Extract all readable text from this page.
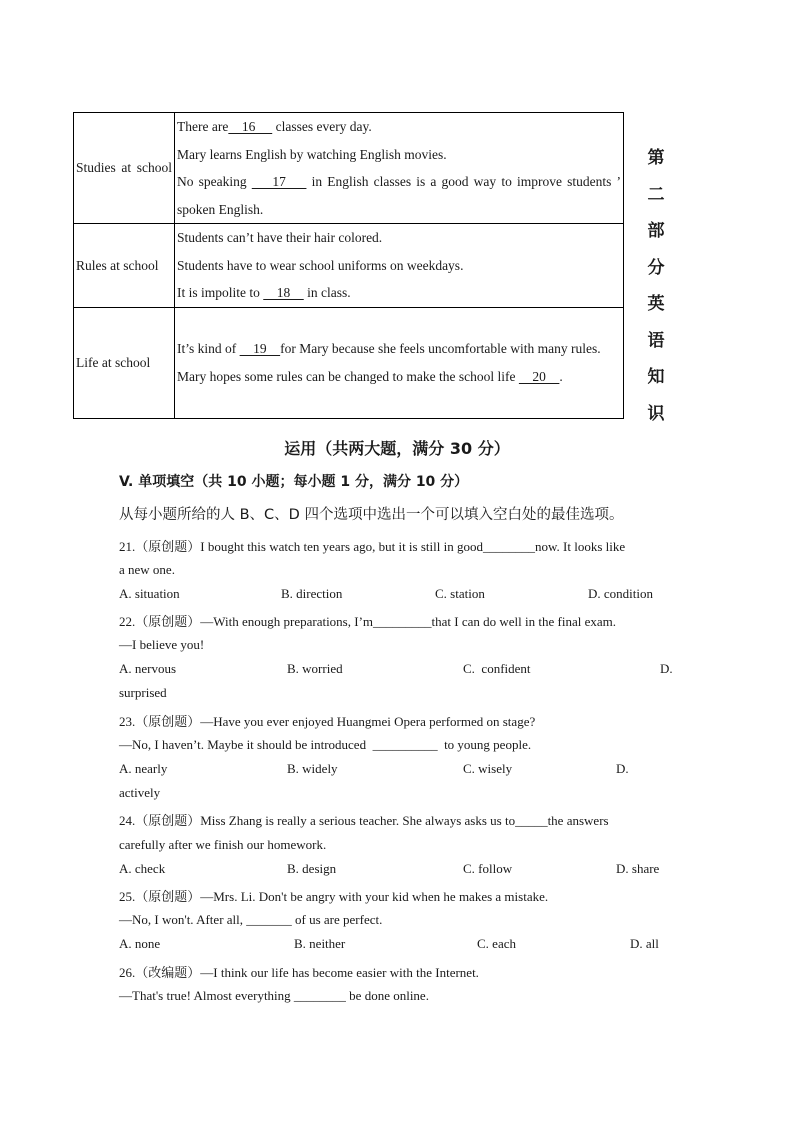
Studies at school	There are    16      classes every day.
Mary learns English by watching English movies.
No speaking     17     in English classes is a good way to improve students ’ spoken English.

Rules at school	Students can’t have their hair colored.
Students have to wear school uniforms on weekdays.
It is impolite to     18     in class.

Life at school	It’s kind of     19    for Mary because she feels uncomfortable with many rules.
Mary hopes some rules can be changed to make the school life     20    .
第二部分英语知识
运用（共两大题，满分 30 分）
V. 单项填空（共 10 小题；每小题 1 分，满分 10 分）
从每小题所给的人 B、C、D 四个选项中选出一个可以填入空白处的最佳选项。
21.（原创题）I bought this watch ten years ago, but it is still in good________now. It looks like
a new one.
A. situation	B. direction	C. station	D. condition
22.（原创题）—With enough preparations, I’m_________that I can do well in the final exam.
—I believe you!
A. nervous	B. worried	C.  confident	D.
surprised
23.（原创题）—Have you ever enjoyed Huangmei Opera performed on stage?
—No, I haven’t. Maybe it should be introduced  __________  to young people.
A. nearly	B. widely	C. wisely	D.
actively
24.（原创题）Miss Zhang is really a serious teacher. She always asks us to_____the answers
carefully after we finish our homework.
A. check	B. design	C. follow	D. share
25.（原创题）—Mrs. Li. Don't be angry with your kid when he makes a mistake.
—No, I won't. After all, _______ of us are perfect.
A. none	B. neither	C. each	D. all
26.（改编题）—I think our life has become easier with the Internet.
—That's true! Almost everything ________ be done online.
